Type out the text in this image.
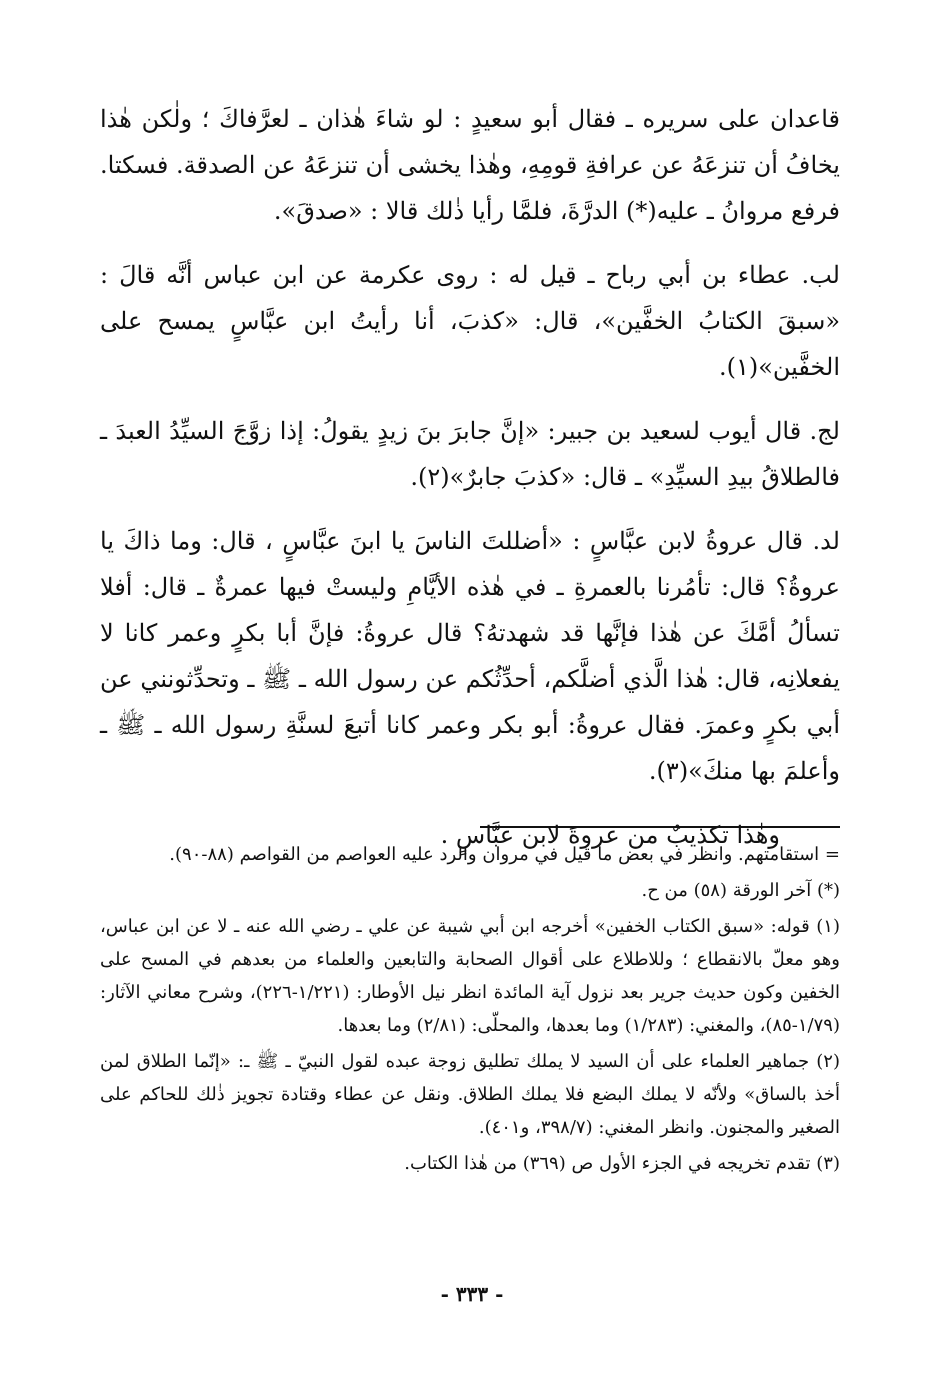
قاعدان على سريره ـ فقال أبو سعيدٍ : لو شاءَ هٰذان ـ لعرَّفاكَ ؛ ولٰكن هٰذا يخافُ أن تنزعَهُ عن عرافةِ قومِهِ، وهٰذا يخشى أن تنزعَهُ عن الصدقة. فسكتا. فرفع مروانُ ـ عليه(*) الدرَّةَ، فلمَّا رأيا ذٰلك قالا : «صدقَ».

لب. عطاء بن أبي رباح ـ قيل له : روى عكرمة عن ابن عباس أنَّه قالَ : «سبقَ الكتابُ الخفَّين»، قال: «كذبَ، أنا رأيتُ ابن عبَّاسٍ يمسح على الخفَّين»(١).

لج. قال أيوب لسعيد بن جبير: «إنَّ جابرَ بنَ زيدٍ يقولُ: إذا زوَّجَ السيِّدُ العبدَ ـ فالطلاقُ بيدِ السيِّدِ» ـ قال: «كذبَ جابرٌ»(٢).

لد. قال عروةُ لابن عبَّاسٍ : «أضللتَ الناسَ يا ابنَ عبَّاسٍ ، قال: وما ذاكَ يا عروةُ؟ قال: تأمُرنا بالعمرةِ ـ في هٰذه الأيَّامِ وليستْ فيها عمرةٌ ـ قال: أفلا تسألُ أمَّكَ عن هٰذا فإنَّها قد شهدتهُ؟ قال عروةُ: فإنَّ أبا بكرٍ وعمر كانا لا يفعلانِه، قال: هٰذا الَّذي أضلَّكم، أحدِّثُكم عن رسول الله ـ ﷺ ـ وتحدِّثونني عن أبي بكرٍ وعمرَ. فقال عروةُ: أبو بكر وعمر كانا أتبعَ لسنَّةِ رسول الله ـ ﷺ ـ وأعلمَ بها منكَ»(٣).

وهٰذا تكذيبٌ من عروةَ لابن عبَّاسٍ .

= استقامتهم. وانظر في بعض ما قيل في مروان والرد عليه العواصم من القواصم (٨٨-٩٠).

(*) آخر الورقة (٥٨) من ح.

(١) قوله: «سبق الكتاب الخفين» أخرجه ابن أبي شيبة عن علي ـ رضي الله عنه ـ لا عن ابن عباس، وهو معلّ بالانقطاع ؛ وللاطلاع على أقوال الصحابة والتابعين والعلماء من بعدهم في المسح على الخفين وكون حديث جرير بعد نزول آية المائدة انظر نيل الأوطار: (١/٢٢١-٢٢٦)، وشرح معاني الآثار: (١/٧٩-٨٥)، والمغني: (١/٢٨٣) وما بعدها، والمحلّى: (٢/٨١) وما بعدها.

(٢) جماهير العلماء على أن السيد لا يملك تطليق زوجة عبده لقول النبيّ ـ ﷺ ـ: «إنّما الطلاق لمن أخذ بالساق» ولأنّه لا يملك البضع فلا يملك الطلاق. ونقل عن عطاء وقتادة تجويز ذٰلك للحاكم على الصغير والمجنون. وانظر المغني: (٣٩٨/٧، و٤٠١).

(٣) تقدم تخريجه في الجزء الأول ص (٣٦٩) من هٰذا الكتاب.

- ٣٣٣ -
